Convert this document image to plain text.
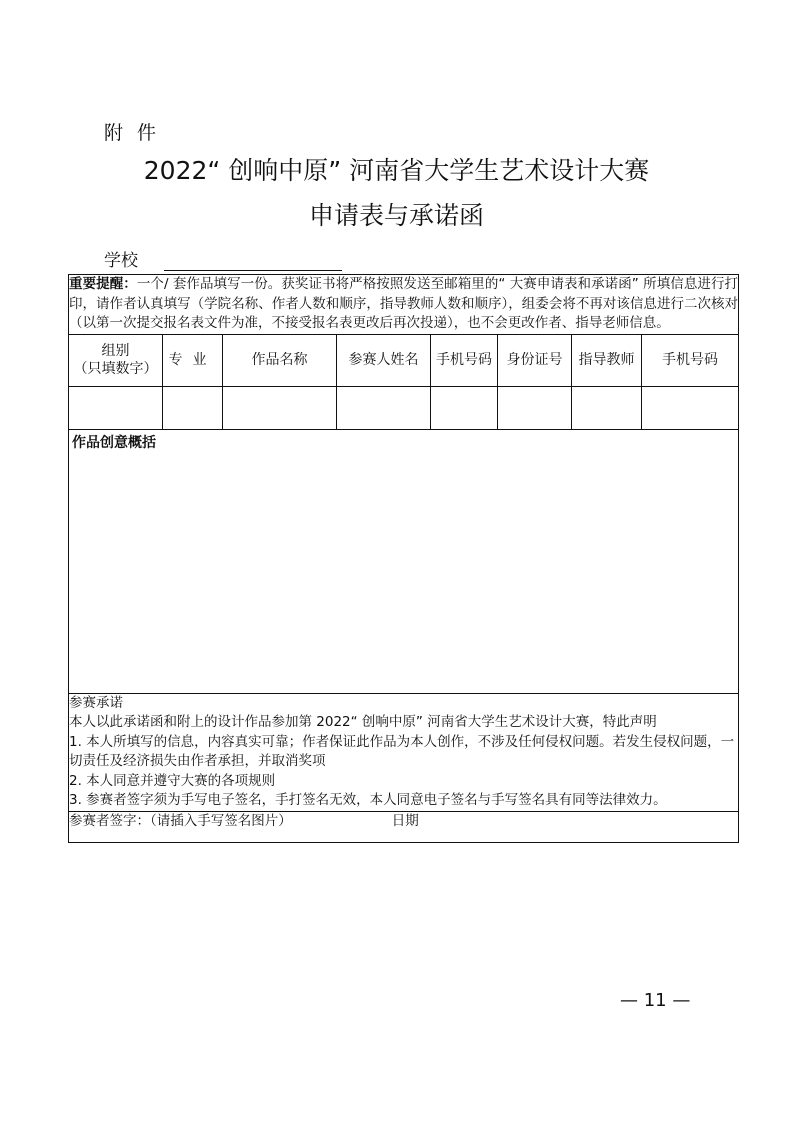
附件
2022“ 创响中原” 河南省大学生艺术设计大赛
申请表与承诺函
学校
重要提醒：一个/ 套作品填写一份。获奖证书将严格按照发送至邮箱里的“ 大赛申请表和承诺函” 所填信息进行打印，请作者认真填写（学院名称、作者人数和顺序，指导教师人数和顺序），组委会将不再对该信息进行二次核对（以第一次提交报名表文件为准，不接受报名表更改后再次投递），也不会更改作者、指导老师信息。							

组别
（只填数字）	专业	作品名称	参赛人姓名	手机号码	身份证号	指导教师	手机号码

作品创意概括							

参赛承诺
本人以此承诺函和附上的设计作品参加第 2022“ 创响中原” 河南省大学生艺术设计大赛，特此声明
1. 本人所填写的信息，内容真实可靠；作者保证此作品为本人创作，不涉及任何侵权问题。若发生侵权问题，一切责任及经济损失由作者承担，并取消奖项
2. 本人同意并遵守大赛的各项规则
3. 参赛者签字须为手写电子签名，手打签名无效，本人同意电子签名与手写签名具有同等法律效力。							

参赛者签字：（请插入手写签名图片） 日期							
— 11 —
